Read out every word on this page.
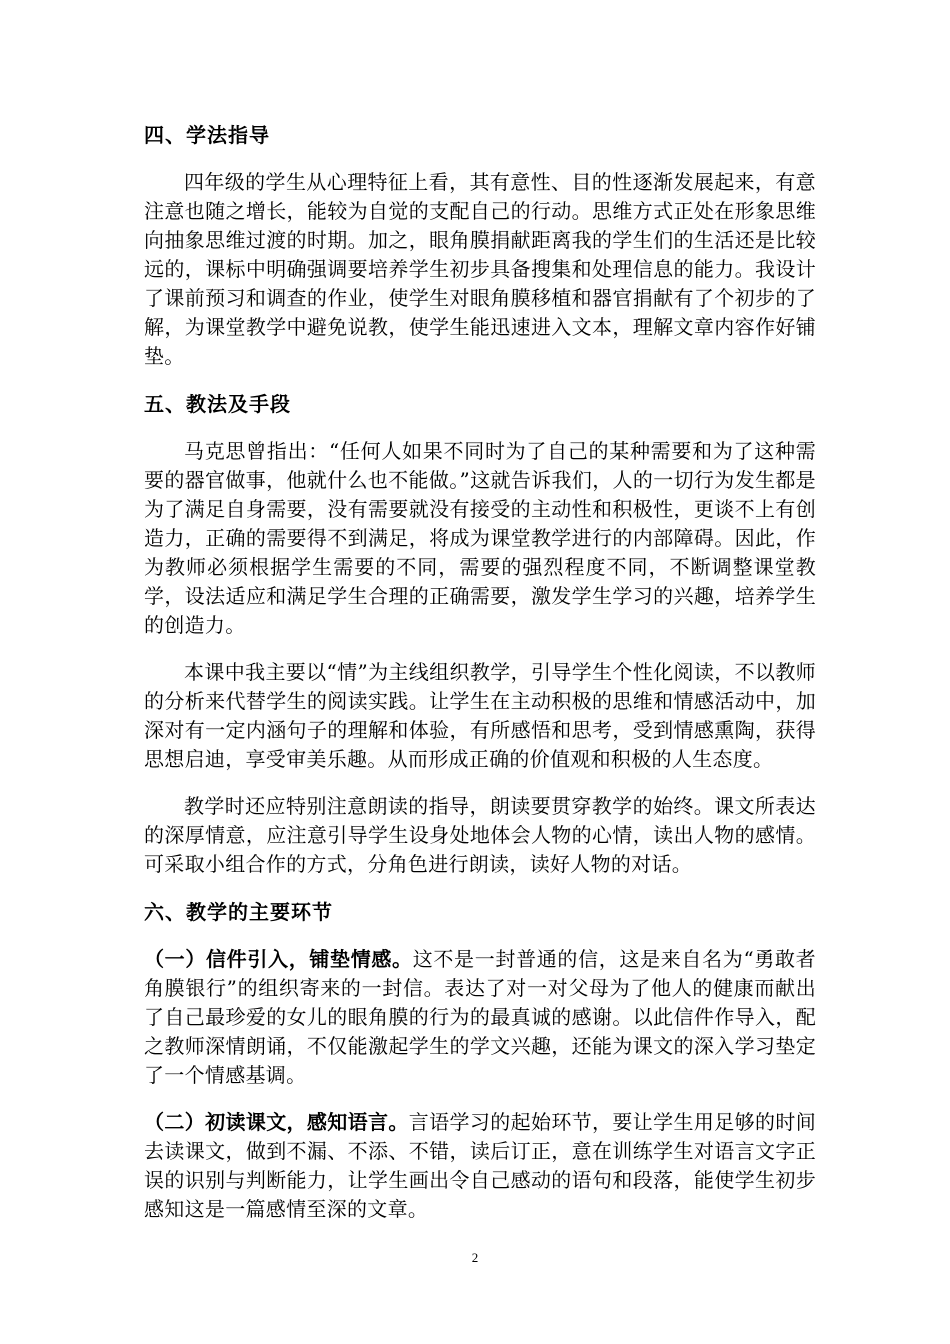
四、学法指导

四年级的学生从心理特征上看，其有意性、目的性逐渐发展起来，有意注意也随之增长，能较为自觉的支配自己的行动。思维方式正处在形象思维向抽象思维过渡的时期。加之，眼角膜捐献距离我的学生们的生活还是比较远的，课标中明确强调要培养学生初步具备搜集和处理信息的能力。我设计了课前预习和调查的作业，使学生对眼角膜移植和器官捐献有了个初步的了解，为课堂教学中避免说教，使学生能迅速进入文本，理解文章内容作好铺垫。

五、教法及手段

马克思曾指出：“任何人如果不同时为了自己的某种需要和为了这种需要的器官做事，他就什么也不能做。”这就告诉我们，人的一切行为发生都是为了满足自身需要，没有需要就没有接受的主动性和积极性，更谈不上有创造力，正确的需要得不到满足，将成为课堂教学进行的内部障碍。因此，作为教师必须根据学生需要的不同，需要的强烈程度不同，不断调整课堂教学，设法适应和满足学生合理的正确需要，激发学生学习的兴趣，培养学生的创造力。

本课中我主要以“情”为主线组织教学，引导学生个性化阅读，不以教师的分析来代替学生的阅读实践。让学生在主动积极的思维和情感活动中，加深对有一定内涵句子的理解和体验，有所感悟和思考，受到情感熏陶，获得思想启迪，享受审美乐趣。从而形成正确的价值观和积极的人生态度。

教学时还应特别注意朗读的指导，朗读要贯穿教学的始终。课文所表达的深厚情意，应注意引导学生设身处地体会人物的心情，读出人物的感情。可采取小组合作的方式，分角色进行朗读，读好人物的对话。

六、教学的主要环节

（一）信件引入，铺垫情感。这不是一封普通的信，这是来自名为“勇敢者角膜银行”的组织寄来的一封信。表达了对一对父母为了他人的健康而献出了自己最珍爱的女儿的眼角膜的行为的最真诚的感谢。以此信件作导入，配之教师深情朗诵，不仅能激起学生的学文兴趣，还能为课文的深入学习垫定了一个情感基调。

（二）初读课文，感知语言。言语学习的起始环节，要让学生用足够的时间去读课文，做到不漏、不添、不错，读后订正，意在训练学生对语言文字正误的识别与判断能力，让学生画出令自己感动的语句和段落，能使学生初步感知这是一篇感情至深的文章。

2
